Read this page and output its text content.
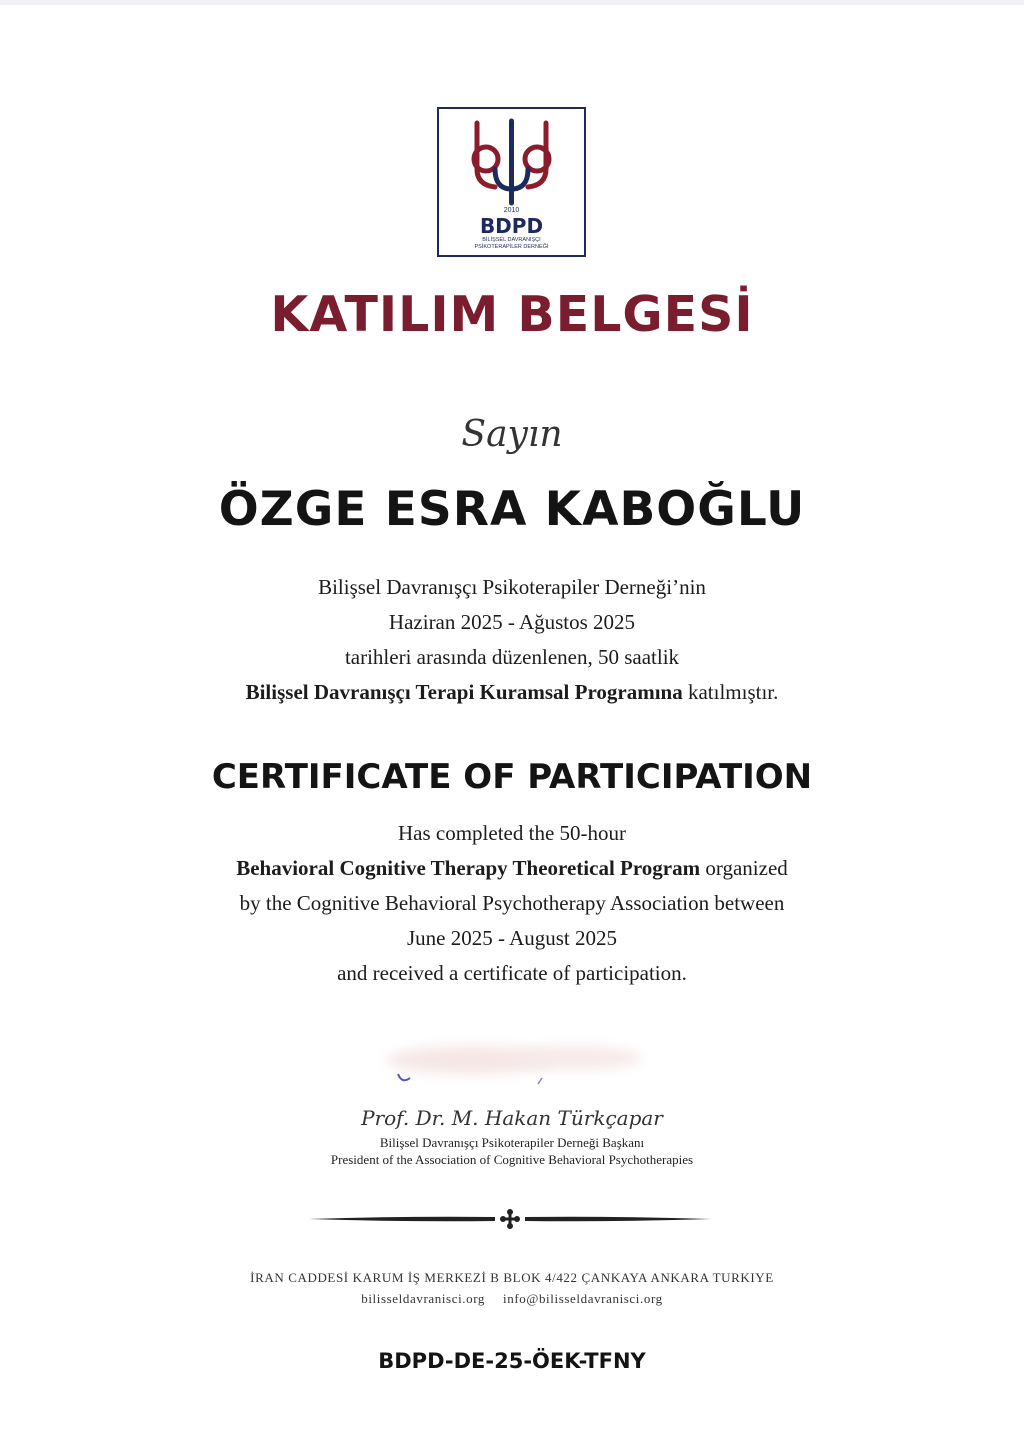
2010
BDPD
BİLİŞSEL DAVRANIŞÇI
PSİKOTERAPİLER DERNEĞİ
KATILIM BELGESİ
Sayın
ÖZGE ESRA KABOĞLU
Bilişsel Davranışçı Psikoterapiler Derneği’nin
Haziran 2025 - Ağustos 2025
tarihleri arasında düzenlenen, 50 saatlik
Bilişsel Davranışçı Terapi Kuramsal Programına katılmıştır.
CERTIFICATE OF PARTICIPATION
Has completed the 50-hour
Behavioral Cognitive Therapy Theoretical Program organized
by the Cognitive Behavioral Psychotherapy Association between
June 2025 - August 2025
and received a certificate of participation.
Prof. Dr. M. Hakan Türkçapar
Bilişsel Davranışçı Psikoterapiler Derneği Başkanı
President of the Association of Cognitive Behavioral Psychotherapies
İRAN CADDESİ KARUM İŞ MERKEZİ B BLOK 4/422 ÇANKAYA ANKARA TURKIYE
bilisseldavranisci.org info@bilisseldavranisci.org
BDPD-DE-25-ÖEK-TFNY
